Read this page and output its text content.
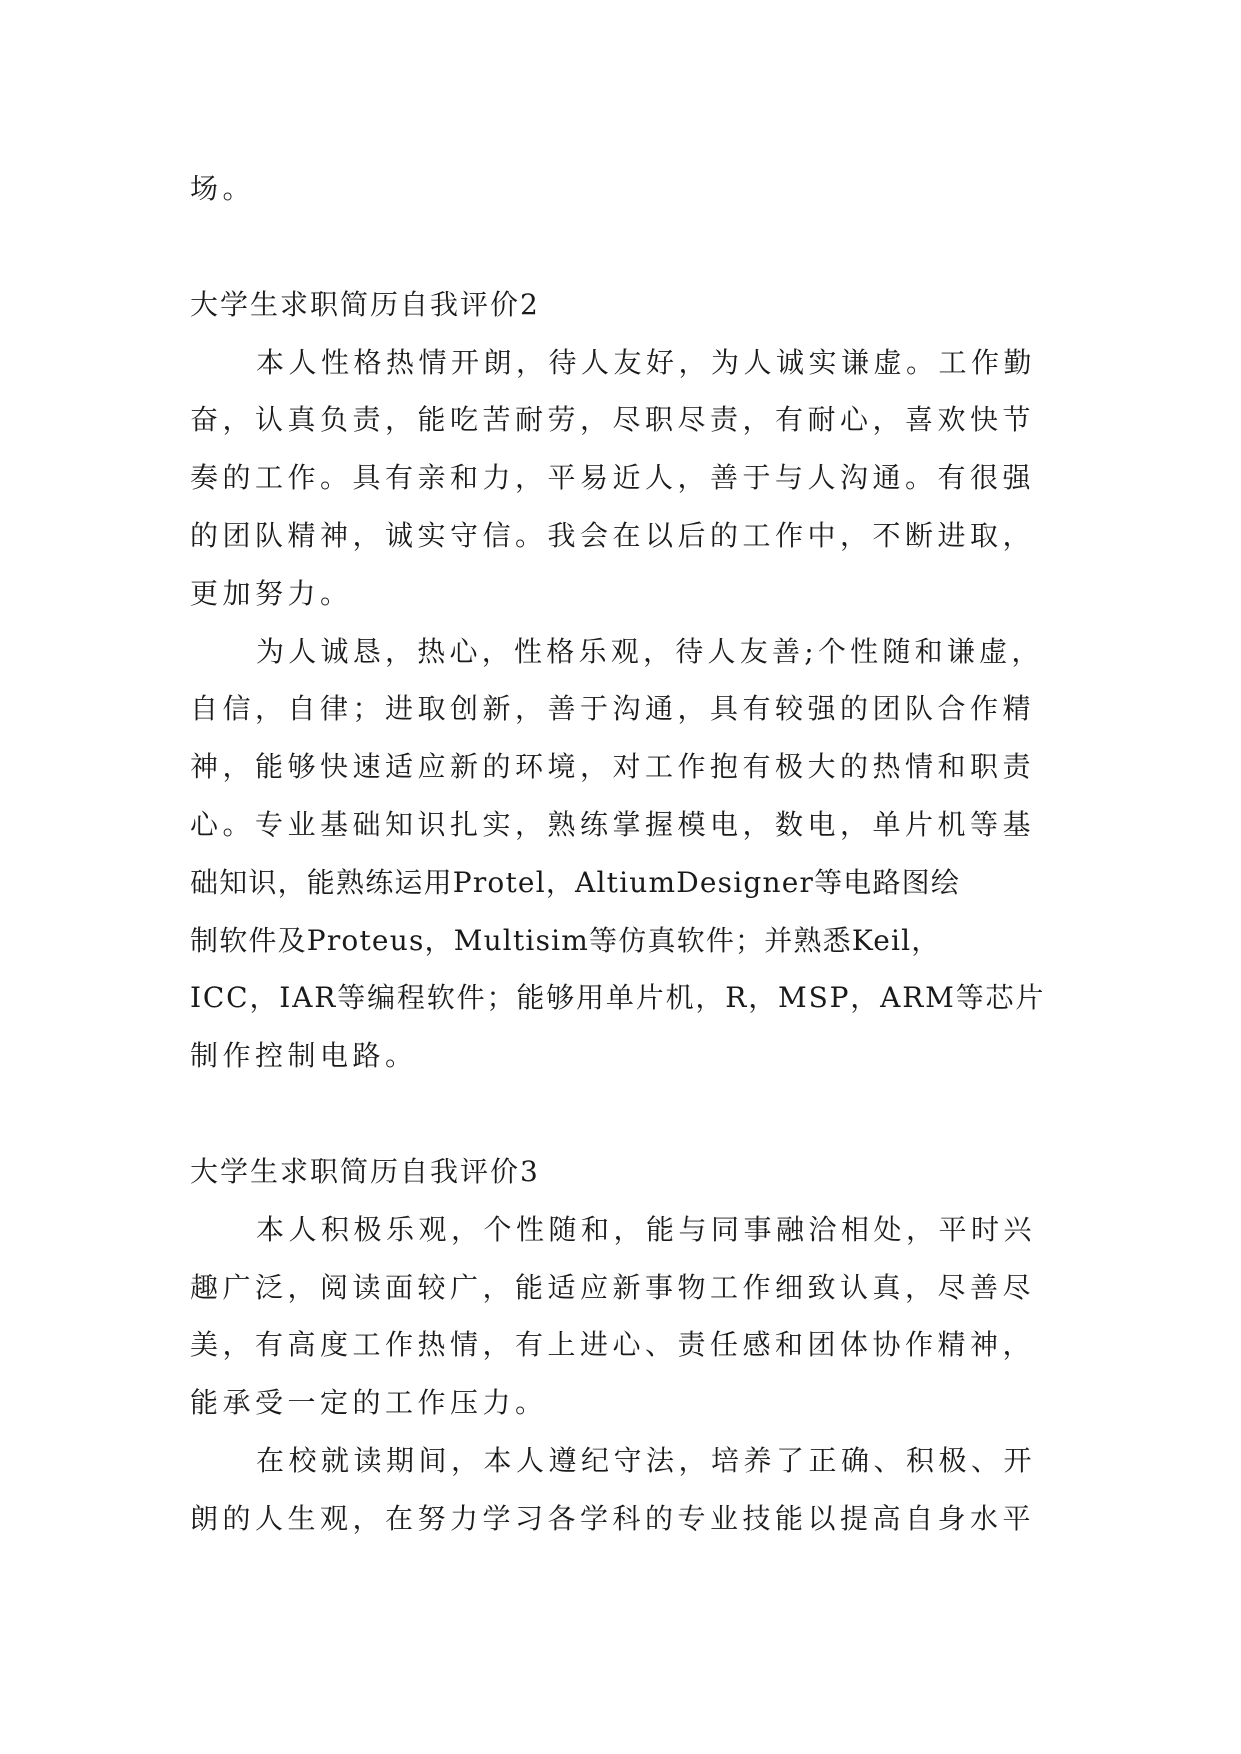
场。
大学生求职简历自我评价2
本人性格热情开朗，待人友好，为人诚实谦虚。工作勤
奋，认真负责，能吃苦耐劳，尽职尽责，有耐心，喜欢快节
奏的工作。具有亲和力，平易近人，善于与人沟通。有很强
的团队精神，诚实守信。我会在以后的工作中，不断进取，
更加努力。
为人诚恳，热心，性格乐观，待人友善;个性随和谦虚，
自信，自律；进取创新，善于沟通，具有较强的团队合作精
神，能够快速适应新的环境，对工作抱有极大的热情和职责
心。专业基础知识扎实，熟练掌握模电，数电，单片机等基
础知识，能熟练运用Protel，AltiumDesigner等电路图绘
制软件及Proteus，Multisim等仿真软件；并熟悉Keil，
ICC，IAR等编程软件；能够用单片机，R，MSP，ARM等芯片
制作控制电路。
大学生求职简历自我评价3
本人积极乐观，个性随和，能与同事融洽相处，平时兴
趣广泛，阅读面较广，能适应新事物工作细致认真，尽善尽
美，有高度工作热情，有上进心、责任感和团体协作精神，
能承受一定的工作压力。
在校就读期间，本人遵纪守法，培养了正确、积极、开
朗的人生观，在努力学习各学科的专业技能以提高自身水平
